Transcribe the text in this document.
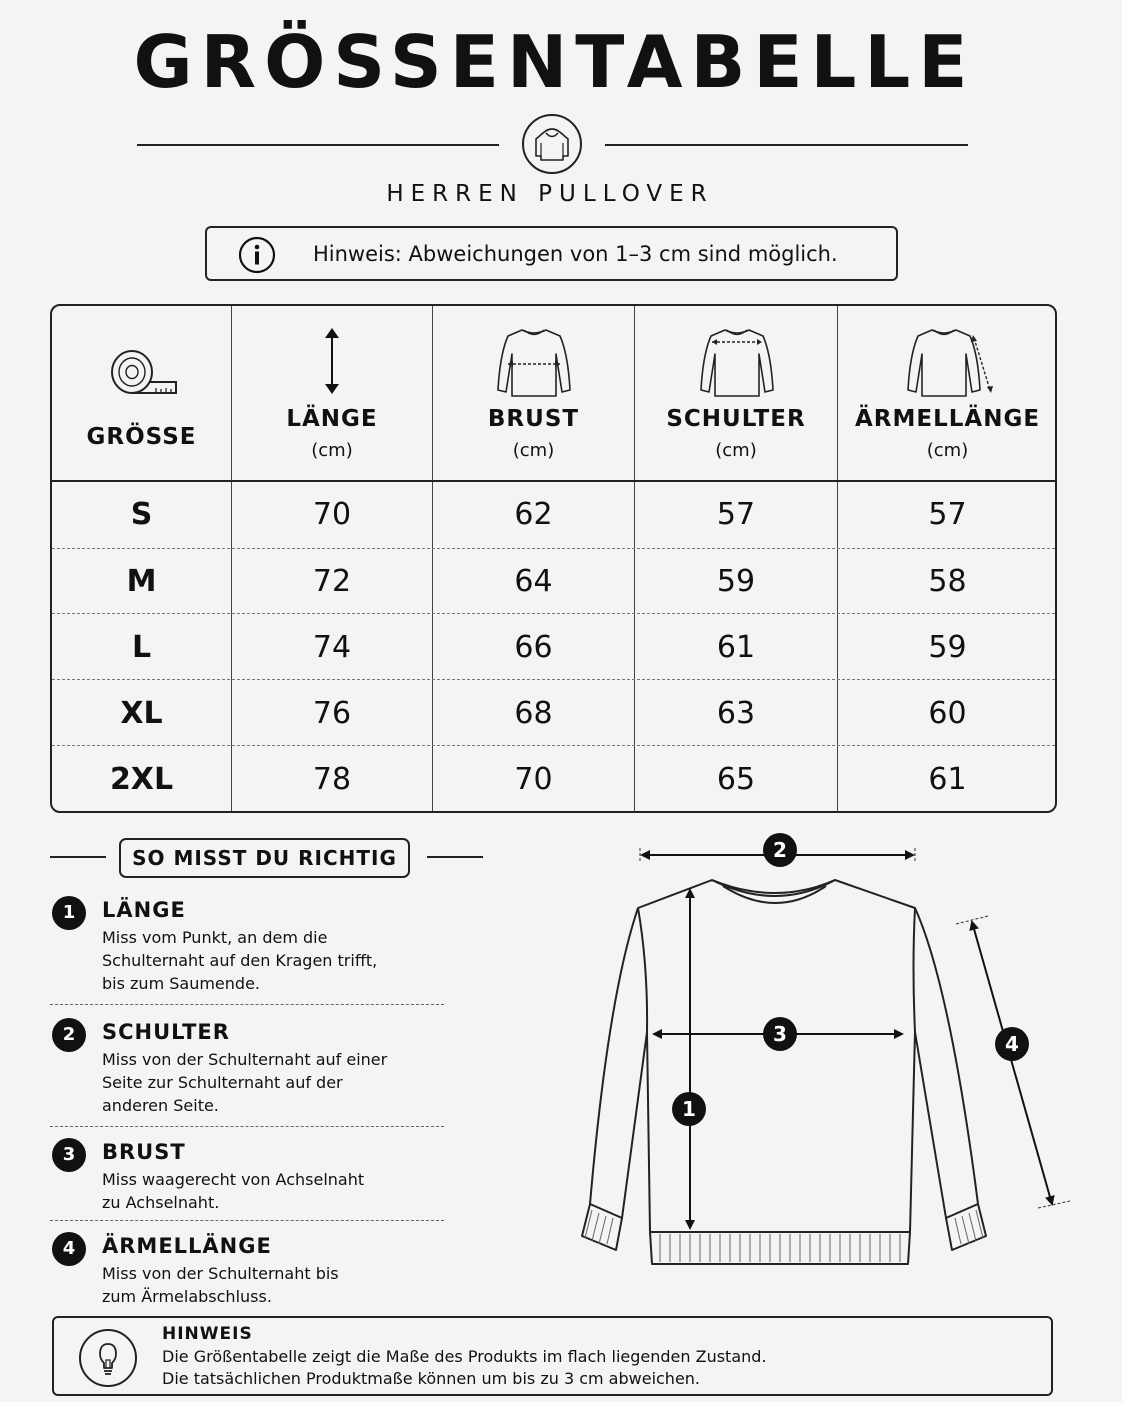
GRÖSSENTABELLE
HERREN PULLOVER
Hinweis: Abweichungen von 1–3 cm sind möglich.
GRÖSSE
LÄNGE
(cm)
BRUST
(cm)
SCHULTER
(cm)
ÄRMELLÄNGE
(cm)
S	70	62	57	57
M	72	64	59	58
L	74	66	61	59
XL	76	68	63	60
2XL	78	70	65	61
SO MISST DU RICHTIG
1	LÄNGE
Miss vom Punkt, an dem die
Schulternaht auf den Kragen trifft,
bis zum Saumende.
2	SCHULTER
Miss von der Schulternaht auf einer
Seite zur Schulternaht auf der
anderen Seite.
3	BRUST
Miss waagerecht von Achselnaht
zu Achselnaht.
4	ÄRMELLÄNGE
Miss von der Schulternaht bis
zum Ärmelabschluss.
2
3
1
4
HINWEIS
Die Größentabelle zeigt die Maße des Produkts im flach liegenden Zustand.
Die tatsächlichen Produktmaße können um bis zu 3 cm abweichen.
